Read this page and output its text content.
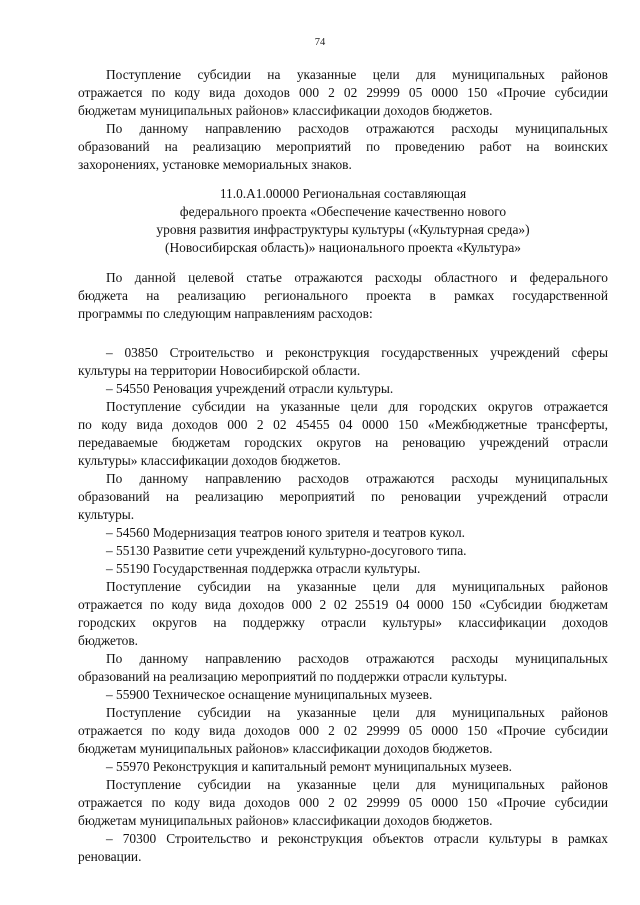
74
Поступление субсидии на указанные цели для муниципальных районов
отражается по коду вида доходов 000 2 02 29999 05 0000 150 «Прочие субсидии
бюджетам муниципальных районов» классификации доходов бюджетов.
По данному направлению расходов отражаются расходы муниципальных
образований на реализацию мероприятий по проведению работ на воинских
захоронениях, установке мемориальных знаков.
11.0.А1.00000 Региональная составляющая
федерального проекта «Обеспечение качественно нового
уровня развития инфраструктуры культуры («Культурная среда»)
(Новосибирская область)» национального проекта «Культура»
По данной целевой статье отражаются расходы областного и федерального
бюджета на реализацию регионального проекта в рамках государственной
программы по следующим направлениям расходов:
– 03850 Строительство и реконструкция государственных учреждений сферы
культуры на территории Новосибирской области.
– 54550 Реновация учреждений отрасли культуры.
Поступление субсидии на указанные цели для городских округов отражается
по коду вида доходов 000 2 02 45455 04 0000 150 «Межбюджетные трансферты,
передаваемые бюджетам городских округов на реновацию учреждений отрасли
культуры» классификации доходов бюджетов.
По данному направлению расходов отражаются расходы муниципальных
образований на реализацию мероприятий по реновации учреждений отрасли
культуры.
– 54560 Модернизация театров юного зрителя и театров кукол.
– 55130 Развитие сети учреждений культурно-досугового типа.
– 55190 Государственная поддержка отрасли культуры.
Поступление субсидии на указанные цели для муниципальных районов
отражается по коду вида доходов 000 2 02 25519 04 0000 150 «Субсидии бюджетам
городских округов на поддержку отрасли культуры» классификации доходов
бюджетов.
По данному направлению расходов отражаются расходы муниципальных
образований на реализацию мероприятий по поддержки отрасли культуры.
– 55900 Техническое оснащение муниципальных музеев.
Поступление субсидии на указанные цели для муниципальных районов
отражается по коду вида доходов 000 2 02 29999 05 0000 150 «Прочие субсидии
бюджетам муниципальных районов» классификации доходов бюджетов.
– 55970 Реконструкция и капитальный ремонт муниципальных музеев.
Поступление субсидии на указанные цели для муниципальных районов
отражается по коду вида доходов 000 2 02 29999 05 0000 150 «Прочие субсидии
бюджетам муниципальных районов» классификации доходов бюджетов.
– 70300 Строительство и реконструкция объектов отрасли культуры в рамках
реновации.
